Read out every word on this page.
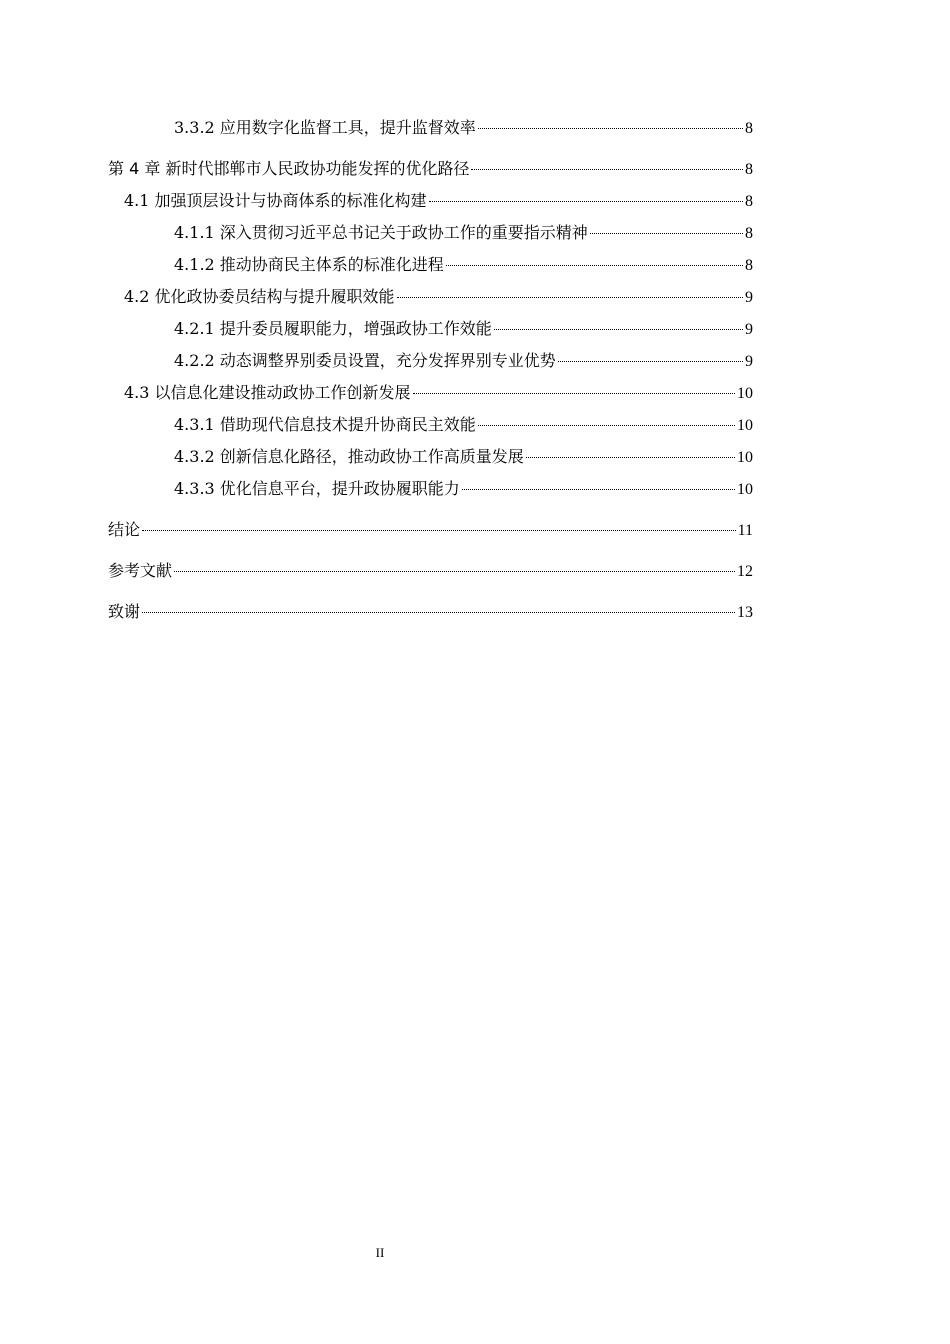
3.3.2 应用数字化监督工具，提升监督效率	8
第 4 章 新时代邯郸市人民政协功能发挥的优化路径	8
4.1 加强顶层设计与协商体系的标准化构建	8
4.1.1 深入贯彻习近平总书记关于政协工作的重要指示精神	8
4.1.2 推动协商民主体系的标准化进程	8
4.2 优化政协委员结构与提升履职效能	9
4.2.1 提升委员履职能力，增强政协工作效能	9
4.2.2 动态调整界别委员设置，充分发挥界别专业优势	9
4.3 以信息化建设推动政协工作创新发展	10
4.3.1 借助现代信息技术提升协商民主效能	10
4.3.2 创新信息化路径，推动政协工作高质量发展	10
4.3.3 优化信息平台，提升政协履职能力	10
结论	11
参考文献	12
致谢	13
II
